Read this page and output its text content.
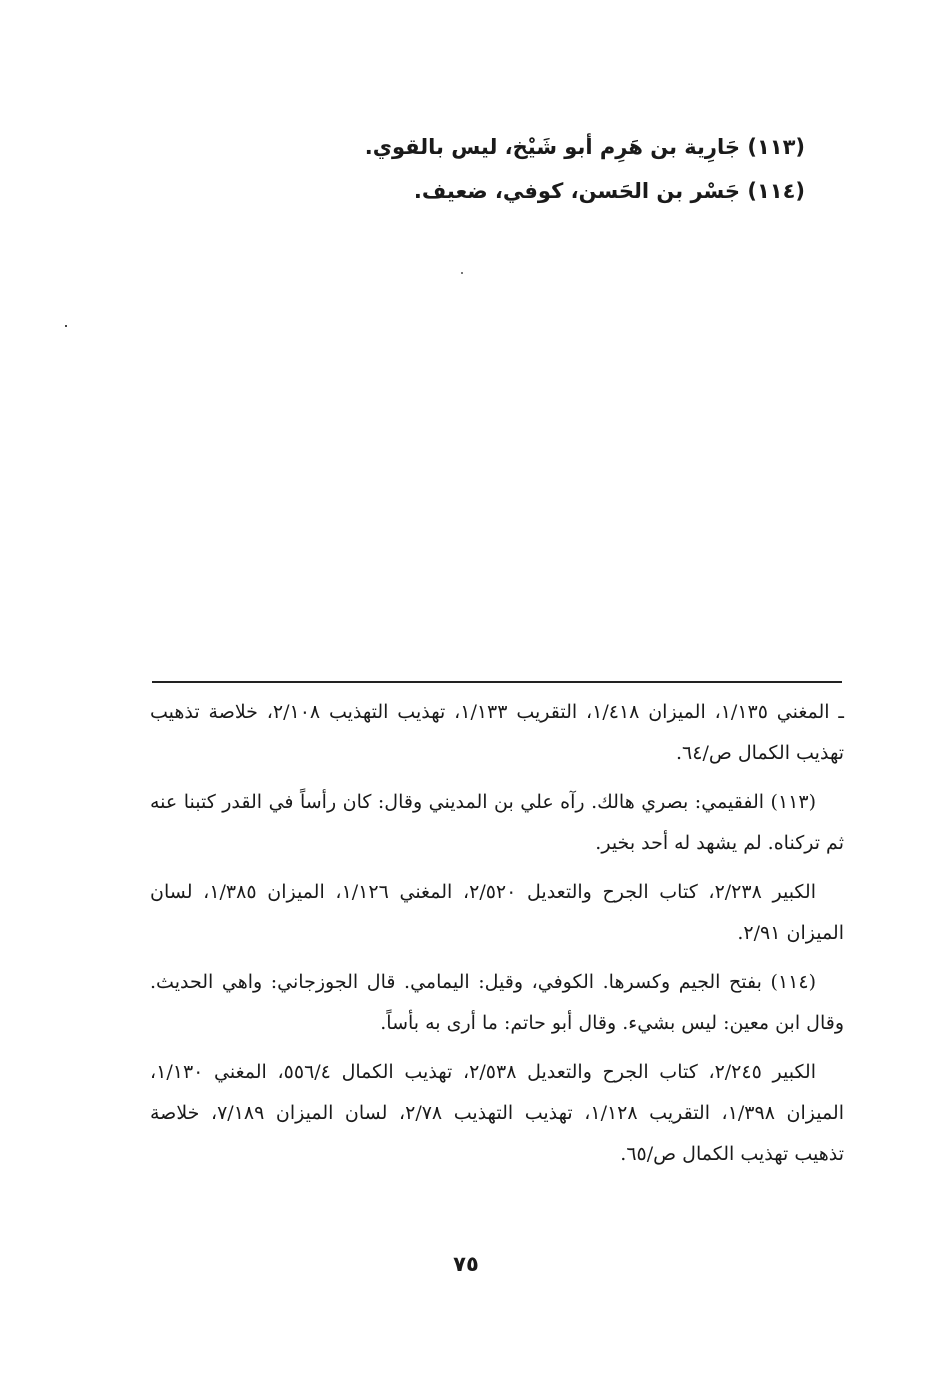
(١١٣) جَارِية بن هَرِم أبو شَيْخ، ليس بالقوي.
(١١٤) جَسْر بن الحَسن، كوفي، ضعيف.

ـ المغني ١/١٣٥، الميزان ١/٤١٨، التقريب ١/١٣٣، تهذيب التهذيب ٢/١٠٨، خلاصة تذهيب تهذيب الكمال ص/٦٤.

(١١٣) الفقيمي: بصري هالك. رآه علي بن المديني وقال: كان رأساً في القدر كتبنا عنه ثم تركناه. لم يشهد له أحد بخير.

الكبير ٢/٢٣٨، كتاب الجرح والتعديل ٢/٥٢٠، المغني ١/١٢٦، الميزان ١/٣٨٥، لسان الميزان ٢/٩١.

(١١٤) بفتح الجيم وكسرها. الكوفي، وقيل: اليمامي. قال الجوزجاني: واهي الحديث. وقال ابن معين: ليس بشيء. وقال أبو حاتم: ما أرى به بأساً.

الكبير ٢/٢٤٥، كتاب الجرح والتعديل ٢/٥٣٨، تهذيب الكمال ٥٥٦/٤، المغني ١/١٣٠، الميزان ١/٣٩٨، التقريب ١/١٢٨، تهذيب التهذيب ٢/٧٨، لسان الميزان ٧/١٨٩، خلاصة تذهيب تهذيب الكمال ص/٦٥.

٧٥
